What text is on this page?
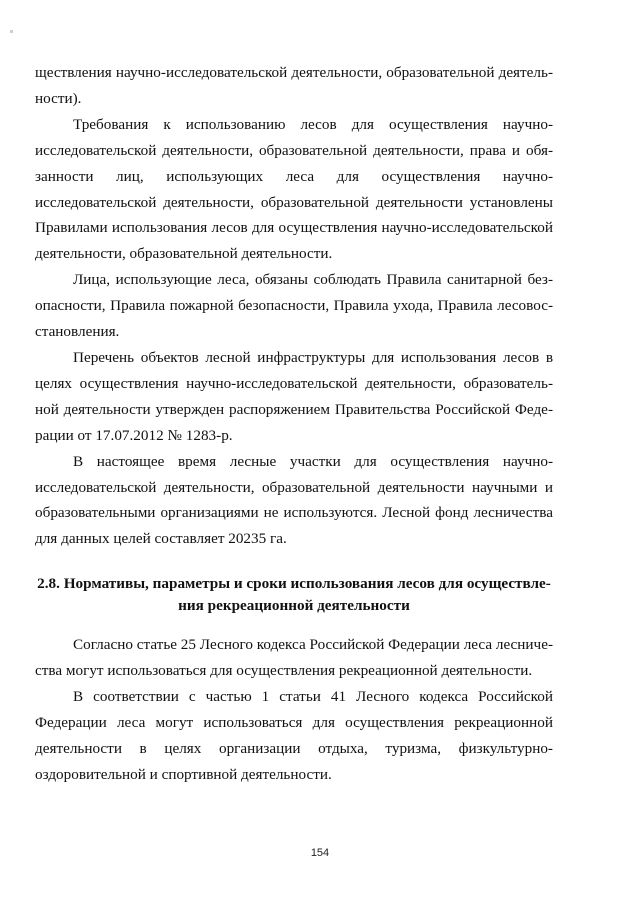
ществления научно-исследовательской деятельности, образовательной деятельности).

Требования к использованию лесов для осуществления научноисследовательской деятельности, образовательной деятельности, права и обязанности лиц, использующих леса для осуществления научноисследовательской деятельности, образовательной деятельности установлены Правилами использования лесов для осуществления научно-исследовательской деятельности, образовательной деятельности.

Лица, использующие леса, обязаны соблюдать Правила санитарной безопасности, Правила пожарной безопасности, Правила ухода, Правила лесовосстановления.

Перечень объектов лесной инфраструктуры для использования лесов в целях осуществления научно-исследовательской деятельности, образовательной деятельности утвержден распоряжением Правительства Российской Федерации от 17.07.2012 № 1283-р.

В настоящее время лесные участки для осуществления научноисследовательской деятельности, образовательной деятельности научными и образовательными организациями не используются. Лесной фонд лесничества для данных целей составляет 20235 га.

2.8. Нормативы, параметры и сроки использования лесов для осуществления рекреационной деятельности

Согласно статье 25 Лесного кодекса Российской Федерации леса лесничества могут использоваться для осуществления рекреационной деятельности.

В соответствии с частью 1 статьи 41 Лесного кодекса Российской Федерации леса могут использоваться для осуществления рекреационной деятельности в целях организации отдыха, туризма, физкультурно-оздоровительной и спортивной деятельности.

154
